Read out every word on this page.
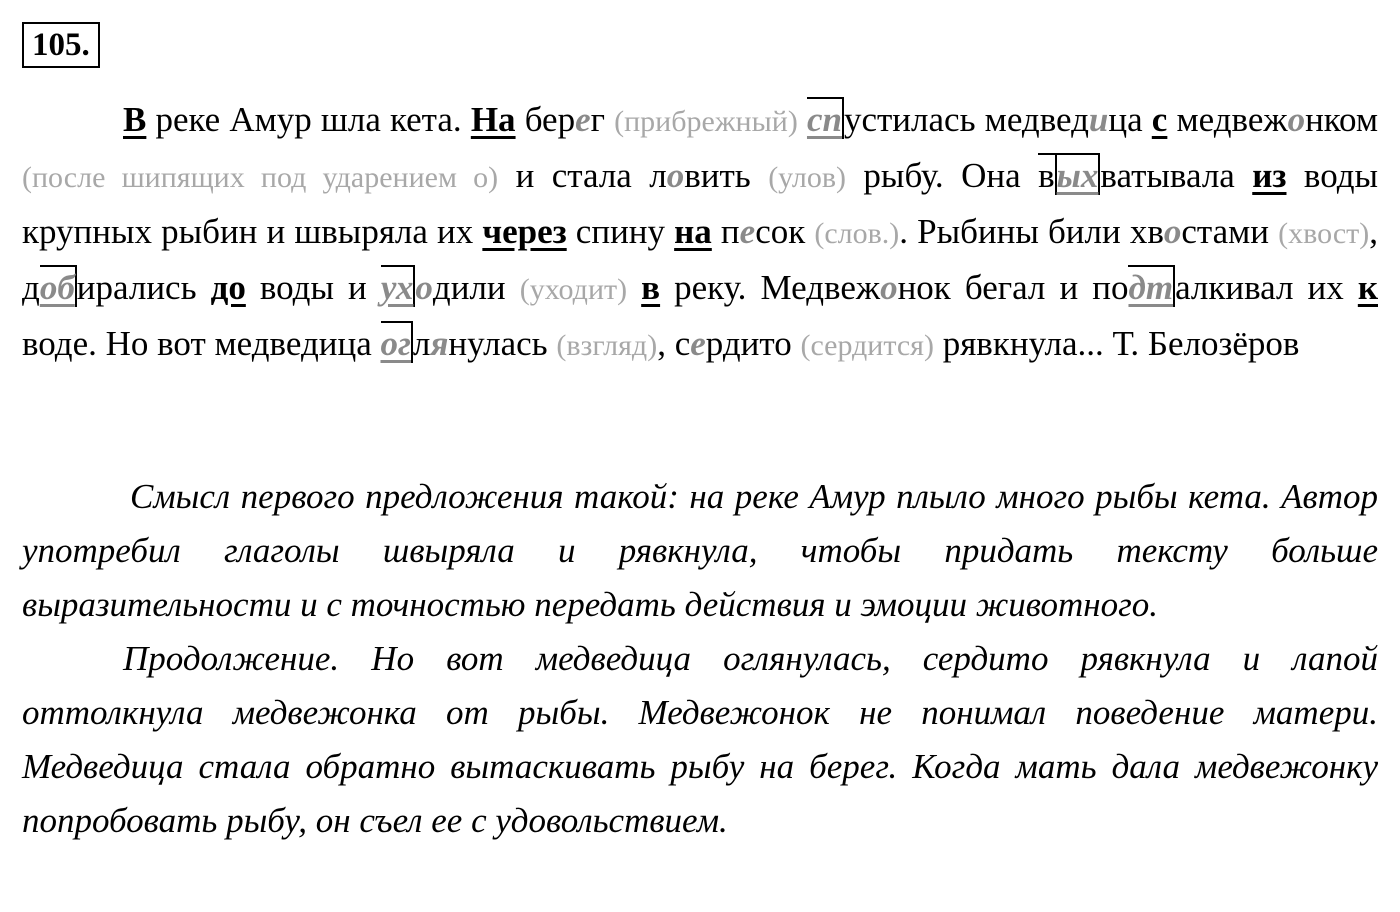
105.

В реке Амур шла кета. На берег (прибрежный) спустилась медведица с медвежонком (после шипящих под ударением о) и стала ловить (улов) рыбу. Она выхватывала из воды крупных рыбин и швыряла их через спину на песок (слов.). Рыбины били хвостами (хвост), добирались до воды и уходили (уходит) в реку. Медвежонок бегал и подталкивал их к воде. Но вот медведица оглянулась (взгляд), сердито (сердится) рявкнула... Т. Белозёров

Смысл первого предложения такой: на реке Амур плыло много рыбы кета. Автор употребил глаголы швыряла и рявкнула, чтобы придать тексту больше выразительности и с точностью передать действия и эмоции животного.

Продолжение. Но вот медведица оглянулась, сердито рявкнула и лапой оттолкнула медвежонка от рыбы. Медвежонок не понимал поведение матери. Медведица стала обратно вытаскивать рыбу на берег. Когда мать дала медвежонку попробовать рыбу, он съел ее с удовольствием.
